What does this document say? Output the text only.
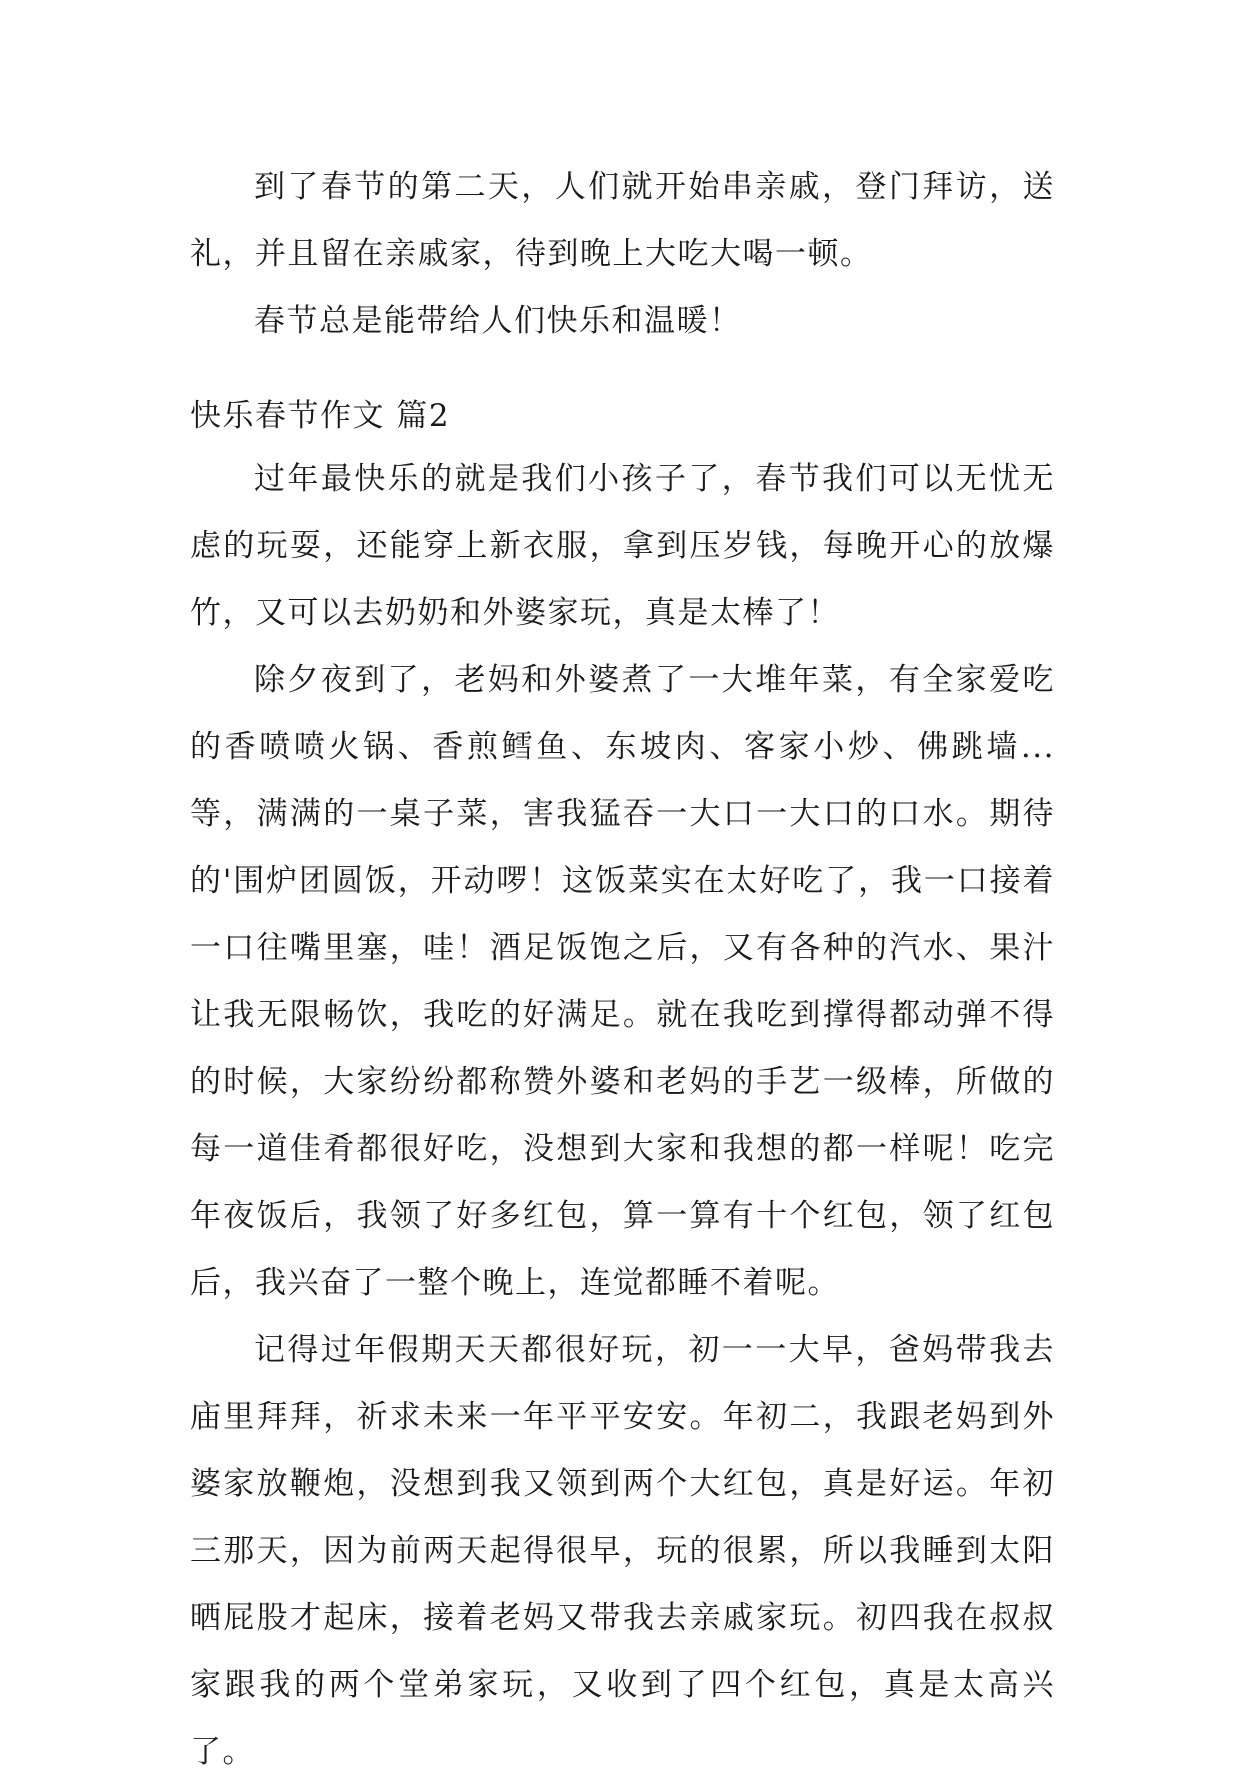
到了春节的第二天，人们就开始串亲戚，登门拜访，送礼，并且留在亲戚家，待到晚上大吃大喝一顿。

春节总是能带给人们快乐和温暖！

快乐春节作文 篇2

过年最快乐的就是我们小孩子了，春节我们可以无忧无虑的玩耍，还能穿上新衣服，拿到压岁钱，每晚开心的放爆竹，又可以去奶奶和外婆家玩，真是太棒了！

除夕夜到了，老妈和外婆煮了一大堆年菜，有全家爱吃的香喷喷火锅、香煎鳕鱼、东坡肉、客家小炒、佛跳墙...等，满满的一桌子菜，害我猛吞一大口一大口的口水。期待的'围炉团圆饭，开动啰！这饭菜实在太好吃了，我一口接着一口往嘴里塞，哇！酒足饭饱之后，又有各种的汽水、果汁让我无限畅饮，我吃的好满足。就在我吃到撑得都动弹不得的时候，大家纷纷都称赞外婆和老妈的手艺一级棒，所做的每一道佳肴都很好吃，没想到大家和我想的都一样呢！吃完年夜饭后，我领了好多红包，算一算有十个红包，领了红包后，我兴奋了一整个晚上，连觉都睡不着呢。

记得过年假期天天都很好玩，初一一大早，爸妈带我去庙里拜拜，祈求未来一年平平安安。年初二，我跟老妈到外婆家放鞭炮，没想到我又领到两个大红包，真是好运。年初三那天，因为前两天起得很早，玩的很累，所以我睡到太阳晒屁股才起床，接着老妈又带我去亲戚家玩。初四我在叔叔家跟我的两个堂弟家玩，又收到了四个红包，真是太高兴了。
